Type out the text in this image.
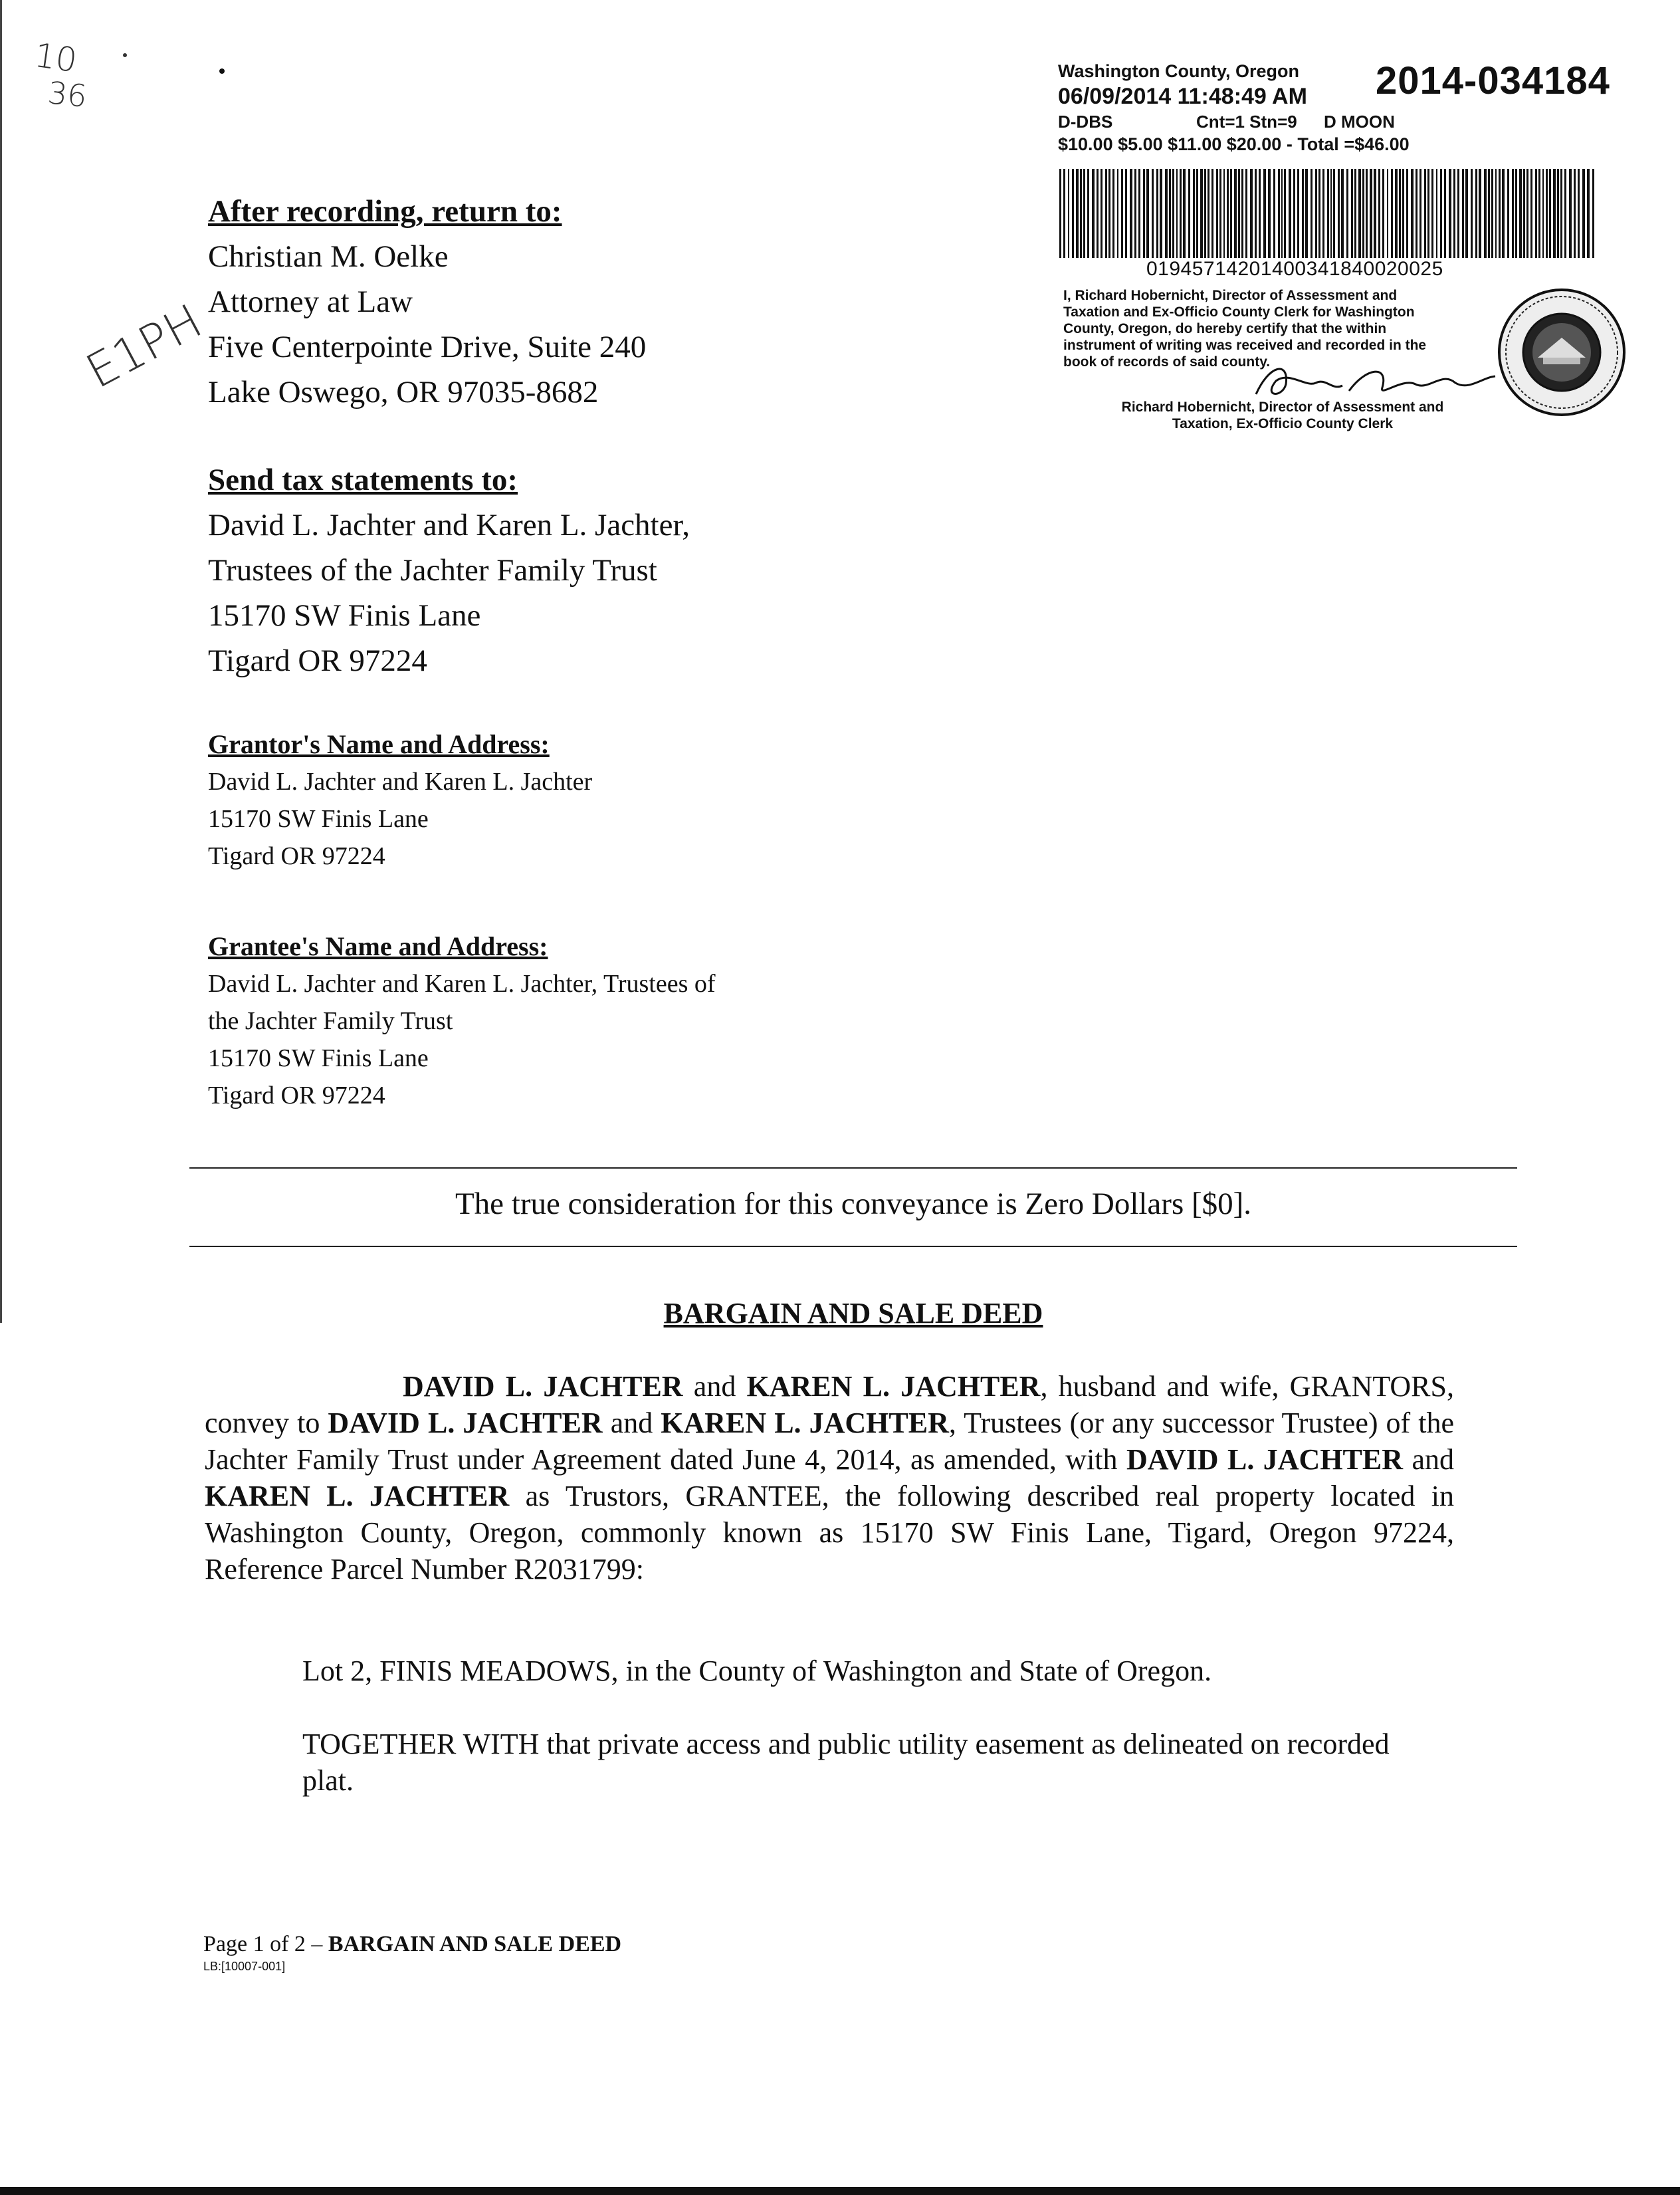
10
36
E1PH
Washington County, Oregon 2014-034184
06/09/2014 11:48:49 AM
D-DBS	Cnt=1 Stn=9 D MOON
$10.00 $5.00 $11.00 $20.00 - Total =$46.00
01945714201400341840020025
I, Richard Hobernicht, Director of Assessment and
Taxation and Ex-Officio County Clerk for Washington
County, Oregon, do hereby certify that the within
instrument of writing was received and recorded in the
book of records of said county.
Richard Hobernicht, Director of Assessment and
Taxation, Ex-Officio County Clerk
After recording, return to:
Christian M. Oelke
Attorney at Law
Five Centerpointe Drive, Suite 240
Lake Oswego, OR 97035-8682
Send tax statements to:
David L. Jachter and Karen L. Jachter,
Trustees of the Jachter Family Trust
15170 SW Finis Lane
Tigard OR 97224
Grantor's Name and Address:
David L. Jachter and Karen L. Jachter
15170 SW Finis Lane
Tigard OR 97224
Grantee's Name and Address:
David L. Jachter and Karen L. Jachter, Trustees of
the Jachter Family Trust
15170 SW Finis Lane
Tigard OR 97224
The true consideration for this conveyance is Zero Dollars [$0].
BARGAIN AND SALE DEED
DAVID L. JACHTER and KAREN L. JACHTER, husband and wife, GRANTORS, convey to DAVID L. JACHTER and KAREN L. JACHTER, Trustees (or any successor Trustee) of the Jachter Family Trust under Agreement dated June 4, 2014, as amended, with DAVID L. JACHTER and KAREN L. JACHTER as Trustors, GRANTEE, the following described real property located in Washington County, Oregon, commonly known as 15170 SW Finis Lane, Tigard, Oregon 97224, Reference Parcel Number R2031799:
Lot 2, FINIS MEADOWS, in the County of Washington and State of Oregon.
TOGETHER WITH that private access and public utility easement as delineated on recorded plat.
Page 1 of 2 – BARGAIN AND SALE DEED
LB:[10007-001]
